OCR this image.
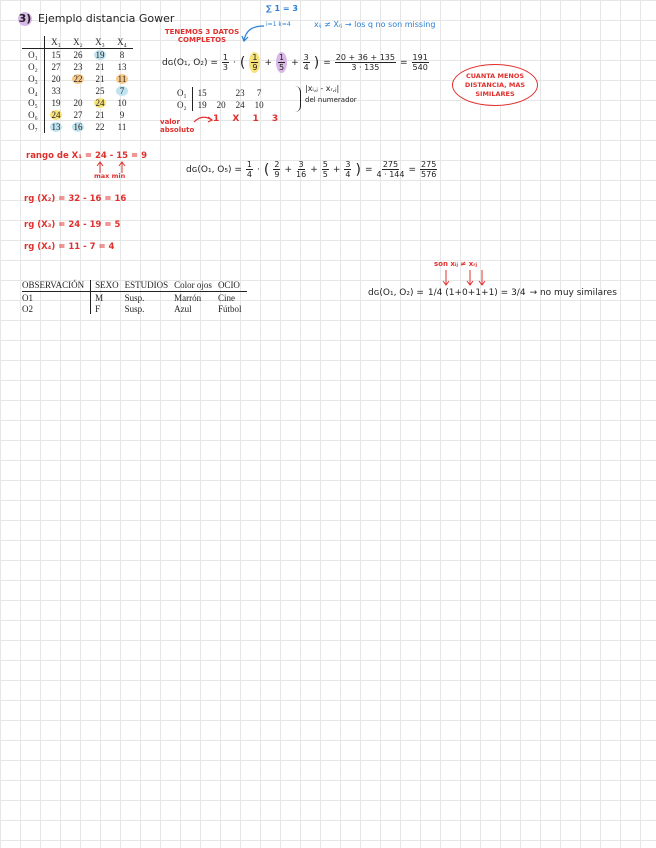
3) Ejemplo distancia Gower
	X₁	X₂	X₃	X₄
O₁	15	26	19	8
O₂	27	23	21	13
O₃	20	22	21	11
O₄	33		25	7
O₅	19	20	24	10
O₆	24	27	21	9
O₇	13	16	22	11
TENEMOS 3 DATOS COMPLETOS
∑ 1 = 3
i=1 k=4	xᵢⱼ ≠ Xᵣⱼ → los q no son missing
dɢ(O₁, $O_2) = \frac{1}{3}$ · ( $\frac{1}{9} + \frac{1}{5} + \frac{3}{4}$ ) = $\frac{20 + 36 + 135}{3 \cdot 135} = \frac{191}{540}$
CUANTA MENOS DISTANCIA, MAS SIMILARES
O₁	15		23	7
O₂	19	20	24	10
|xᵢ,ⱼ - xᵣ,ⱼ|
del numerador
valor absoluto
1 X 1 3
rango de X₁ = 24 - 15 = 9
max min
rg (X₂) = 32 - 16 = 16
rg (X₃) = 24 - 19 = 5
rg (X₄) = 11 - 7 = 4
dɢ(O₁, $O_5) = \frac{1}{4}$ · ( $\frac{2}{9} + \frac{3}{16} + \frac{5}{5} + \frac{3}{4}$ ) = $\frac{275}{4 \cdot 144} = \frac{275}{576}$
OBSERVACIÓN	SEXO	ESTUDIOS	Color ojos	OCIO
O1	M	Susp.	Marrón	Cine
O2	F	Susp.	Azul	Fútbol
son xᵢⱼ ≠ xᵣⱼ
dɢ(O₁, O₂) = 1/4 (1+0+1+1) = 3/4 → no muy similares
